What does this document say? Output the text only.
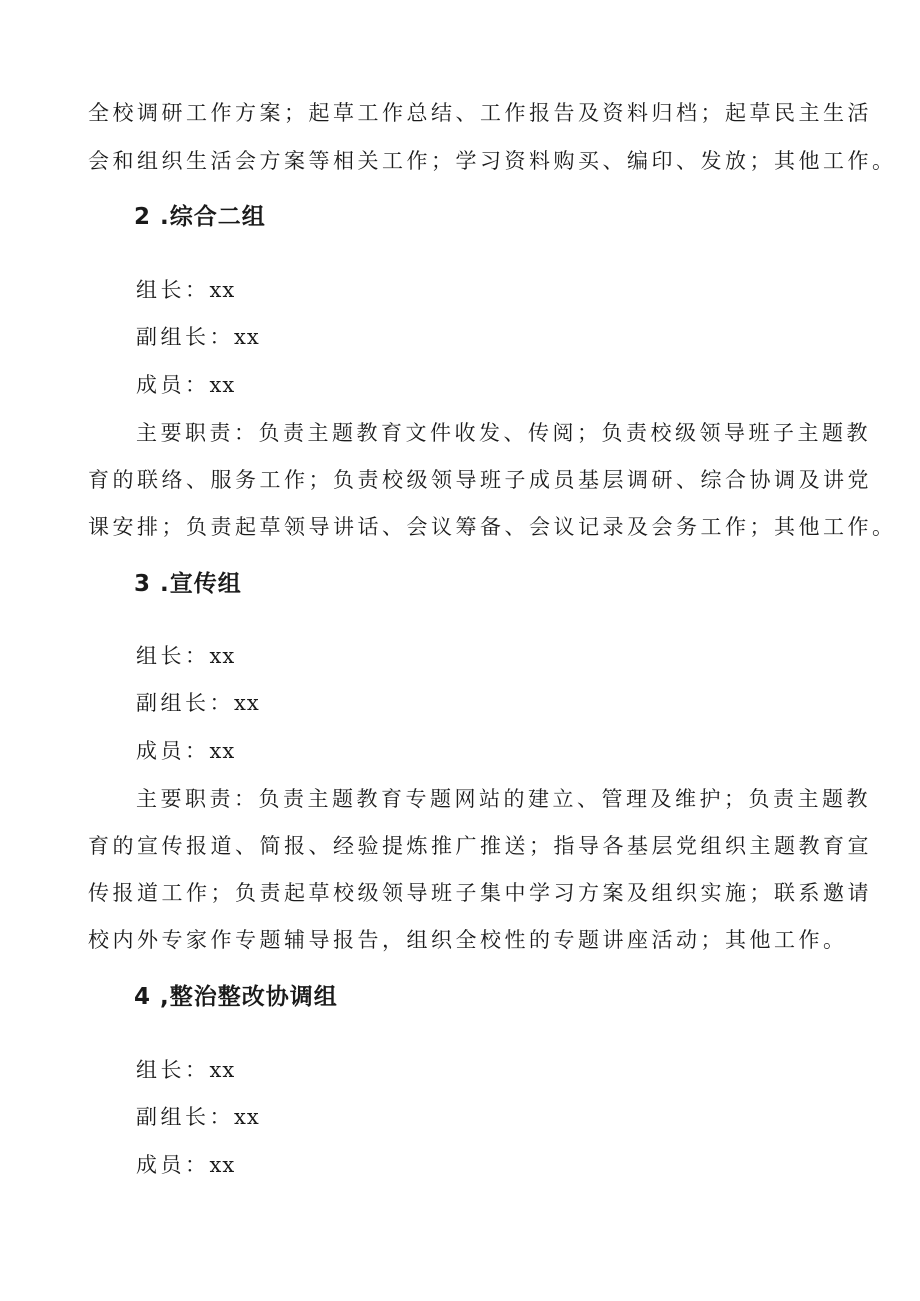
全校调研工作方案；起草工作总结、工作报告及资料归档；起草民主生活
会和组织生活会方案等相关工作；学习资料购买、编印、发放；其他工作。
2 .综合二组
组长：xx
副组长：xx
成员：xx
主要职责：负责主题教育文件收发、传阅；负责校级领导班子主题教
育的联络、服务工作；负责校级领导班子成员基层调研、综合协调及讲党
课安排；负责起草领导讲话、会议筹备、会议记录及会务工作；其他工作。
3 .宣传组
组长：xx
副组长：xx
成员：xx
主要职责：负责主题教育专题网站的建立、管理及维护；负责主题教
育的宣传报道、简报、经验提炼推广推送；指导各基层党组织主题教育宣
传报道工作；负责起草校级领导班子集中学习方案及组织实施；联系邀请
校内外专家作专题辅导报告，组织全校性的专题讲座活动；其他工作。
4 ,整治整改协调组
组长：xx
副组长：xx
成员：xx
